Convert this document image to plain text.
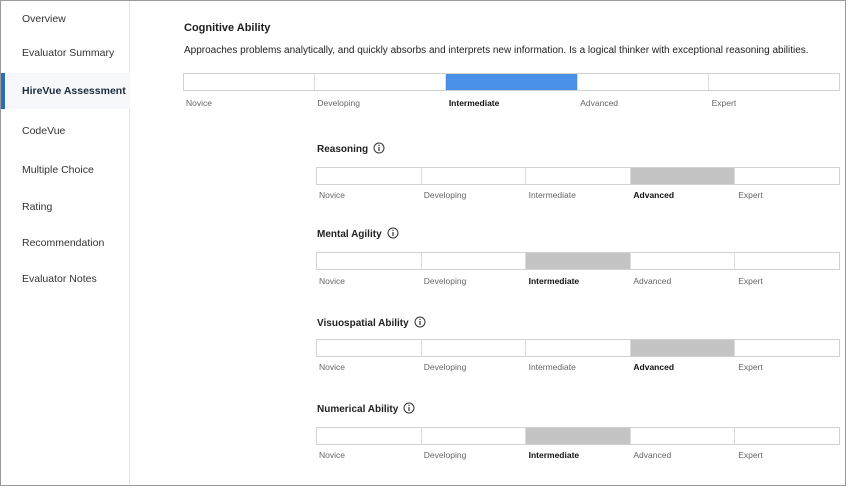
Overview
Evaluator Summary
HireVue Assessment
CodeVue
Multiple Choice
Rating
Recommendation
Evaluator Notes
Cognitive Ability
Approaches problems analytically, and quickly absorbs and interprets new information. Is a logical thinker with exceptional reasoning abilities.
Novice	Developing	Intermediate	Advanced	Expert
Reasoning
Novice	Developing	Intermediate	Advanced	Expert
Mental Agility
Novice	Developing	Intermediate	Advanced	Expert
Visuospatial Ability
Novice	Developing	Intermediate	Advanced	Expert
Numerical Ability
Novice	Developing	Intermediate	Advanced	Expert
